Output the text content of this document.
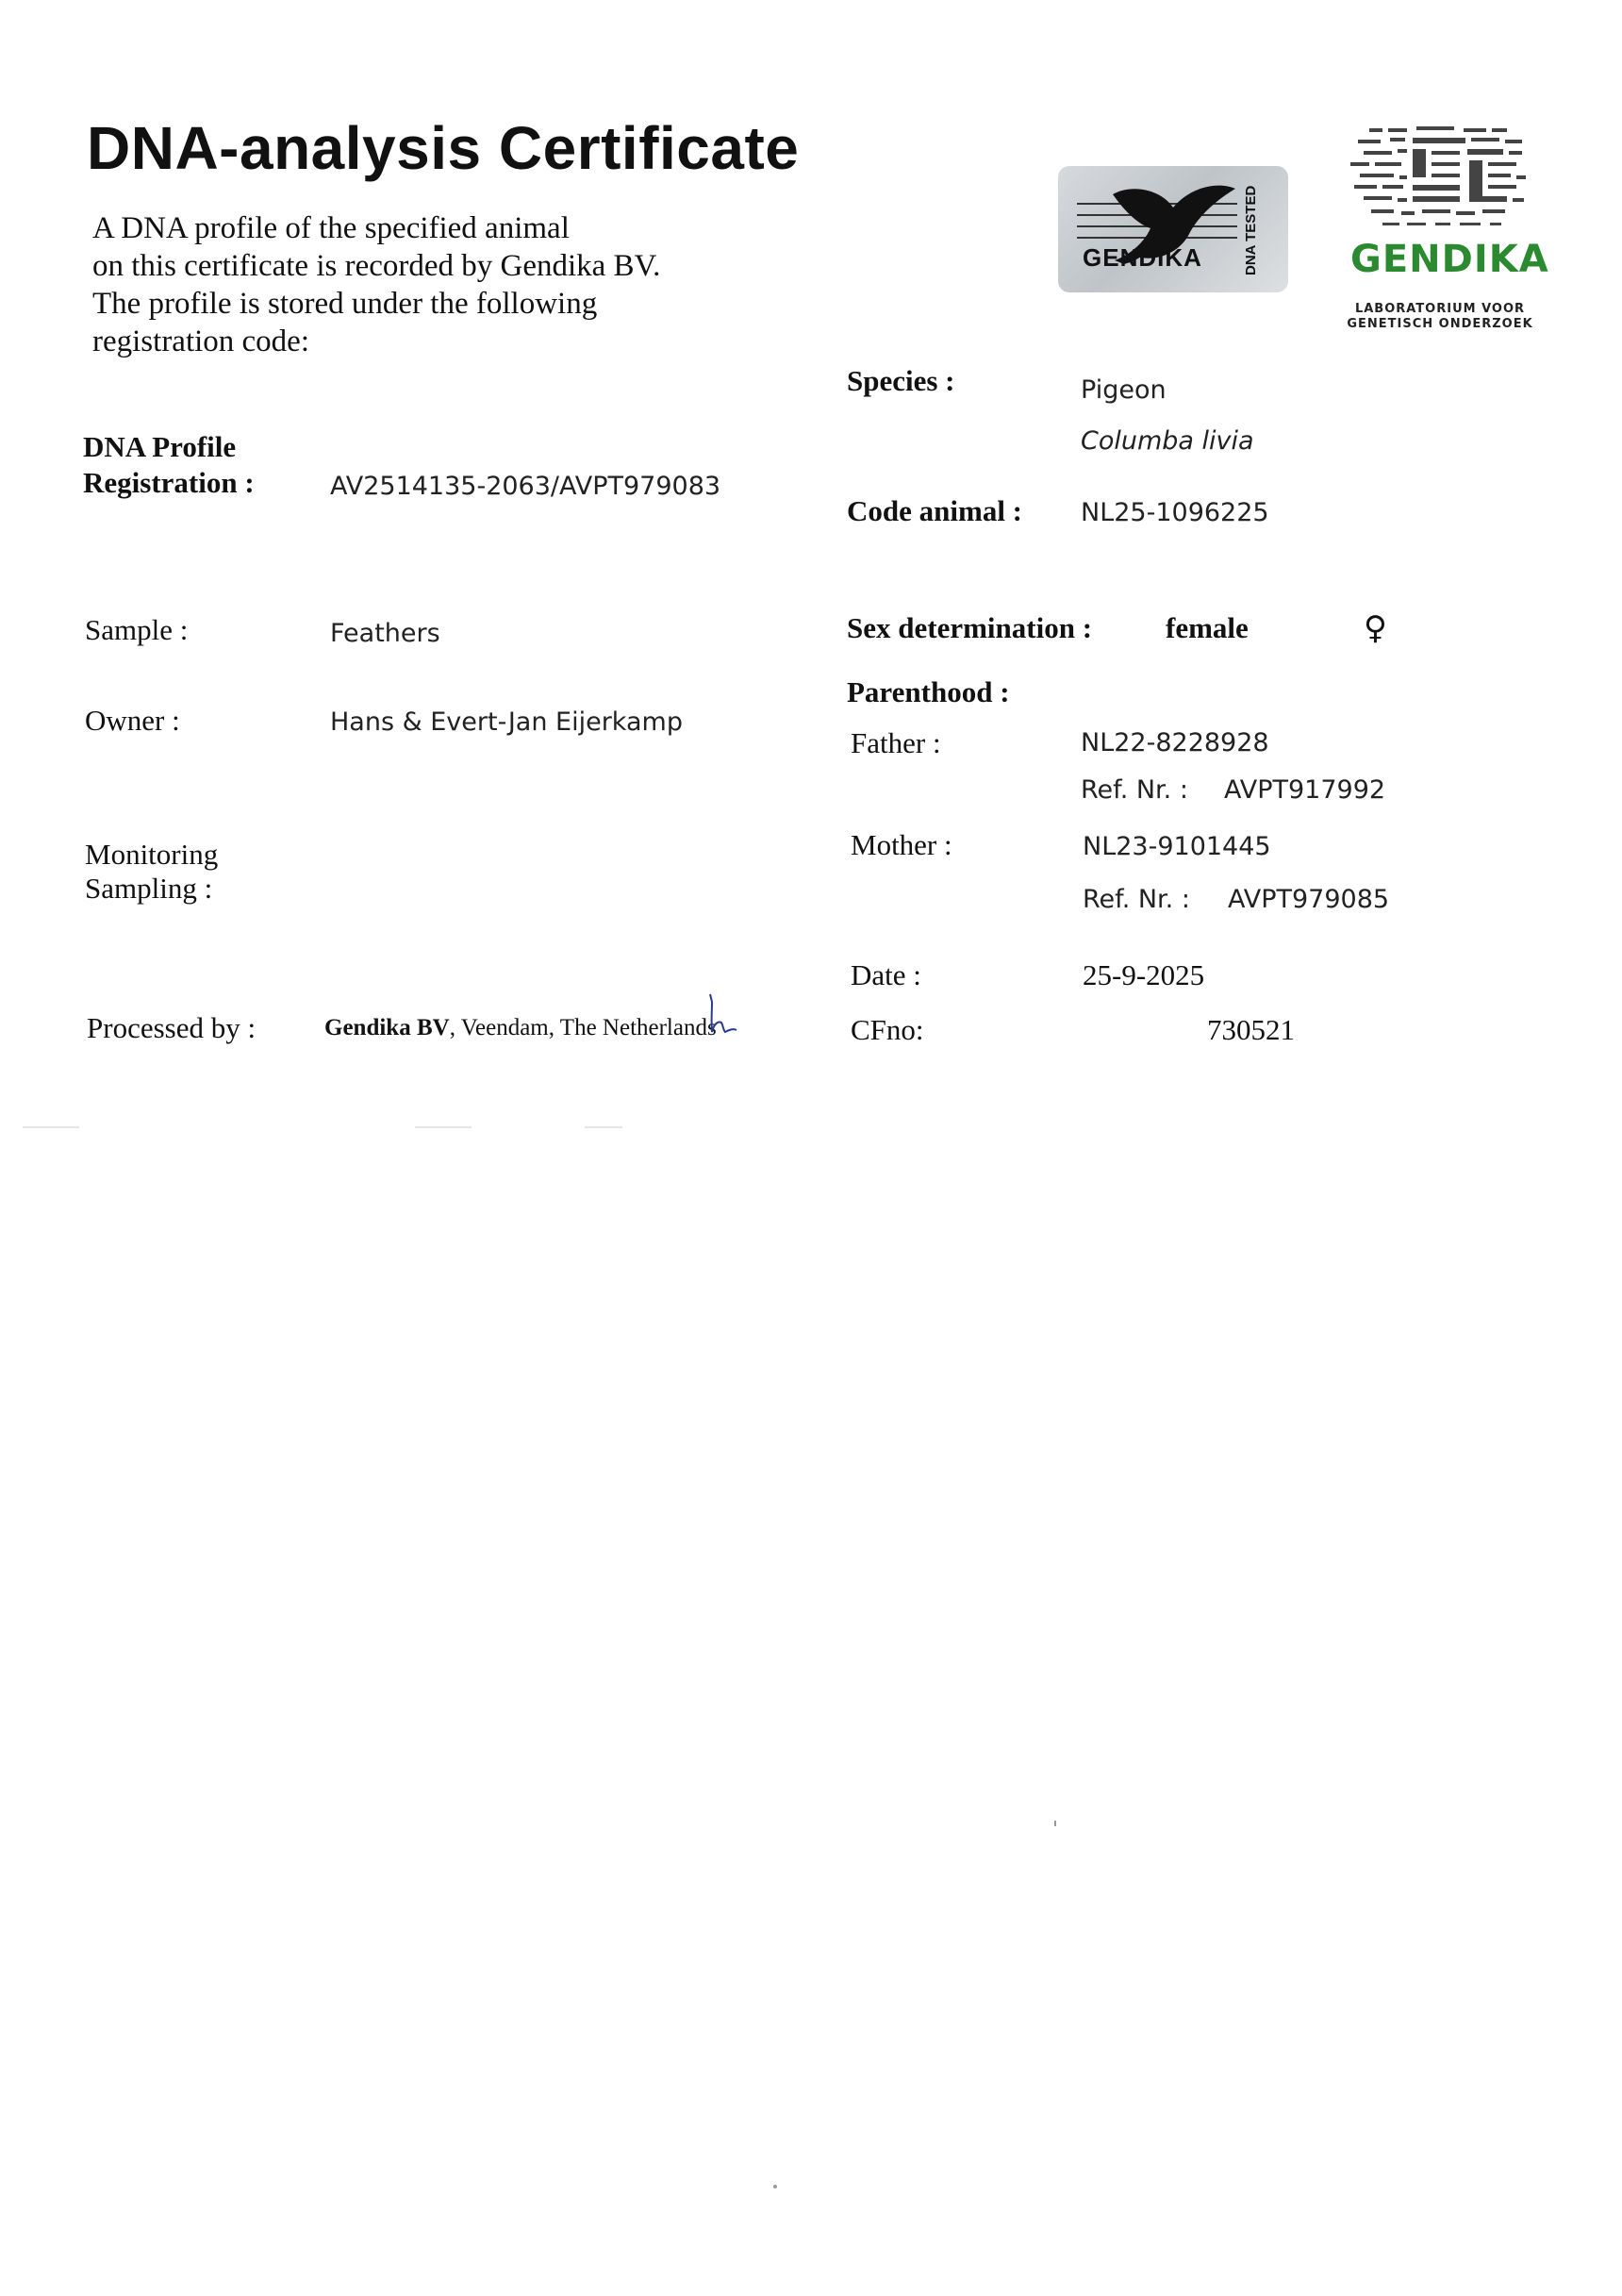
DNA-analysis Certificate
A DNA profile of the specified animal
on this certificate is recorded by Gendika BV.
The profile is stored under the following
registration code:
GENDIKA	DNA TESTED	GENDIKA
LABORATORIUM VOOR
GENETISCH ONDERZOEK
DNA Profile
Registration :	AV2514135-2063/AVPT979083
Sample :	Feathers
Owner :	Hans & Evert-Jan Eijerkamp
Monitoring
Sampling :
Processed by :	Gendika BV, Veendam, The Netherlands
Species :	Pigeon
Columba livia
Code animal : NL25-1096225
Sex determination :	female	♀
Parenthood :
Father :	NL22-8228928
Ref. Nr. : AVPT917992
Mother :	NL23-9101445
Ref. Nr. : AVPT979085
Date :	25-9-2025
CFno:	730521
